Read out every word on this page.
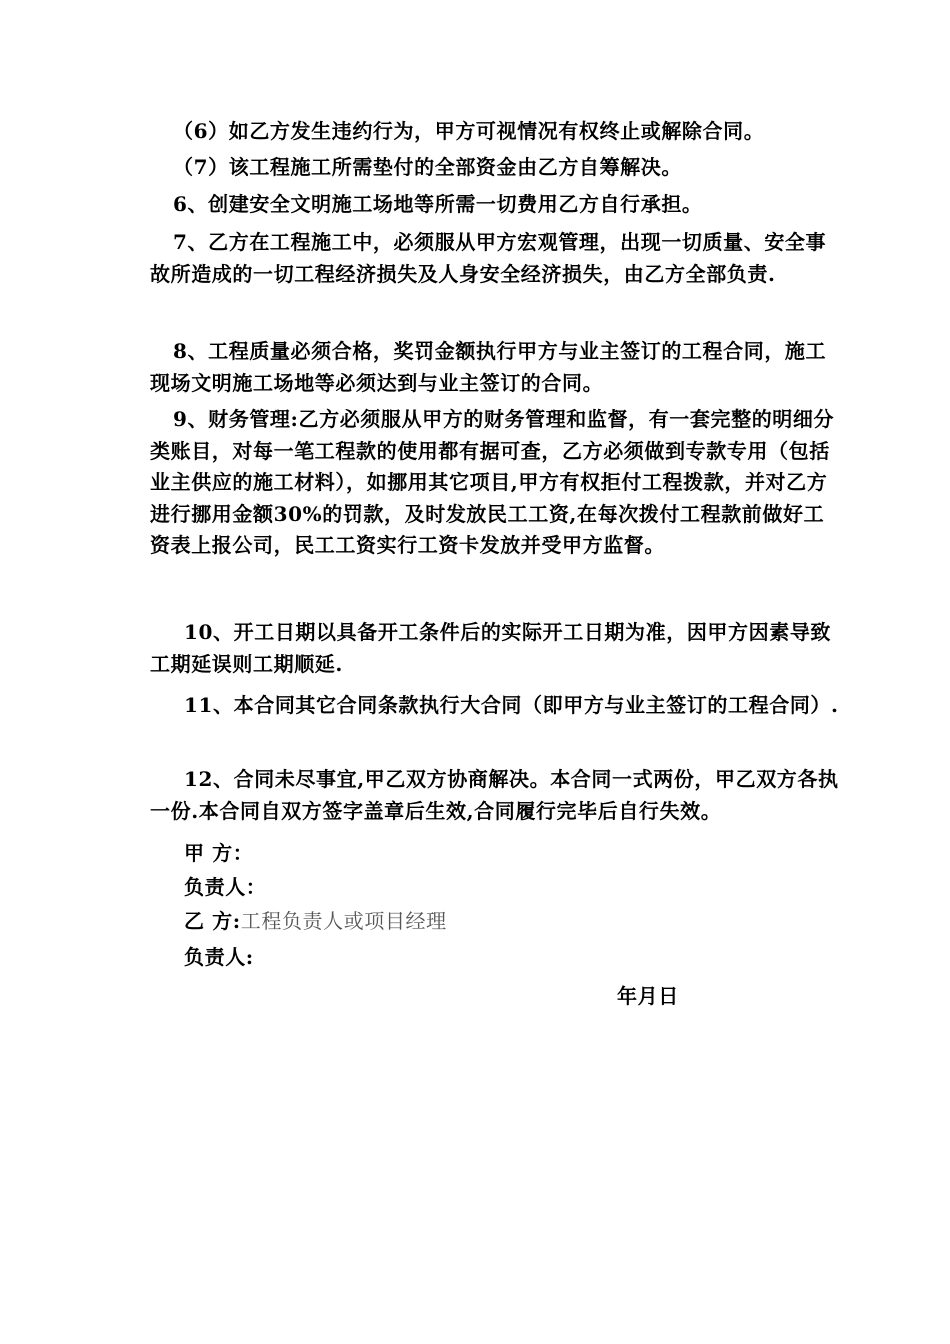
（6）如乙方发生违约行为，甲方可视情况有权终止或解除合同。
（7）该工程施工所需垫付的全部资金由乙方自筹解决。
6、创建安全文明施工场地等所需一切费用乙方自行承担。
7、乙方在工程施工中，必须服从甲方宏观管理，出现一切质量、安全事故所造成的一切工程经济损失及人身安全经济损失，由乙方全部负责.
8、工程质量必须合格，奖罚金额执行甲方与业主签订的工程合同，施工现场文明施工场地等必须达到与业主签订的合同。
9、财务管理:乙方必须服从甲方的财务管理和监督，有一套完整的明细分类账目，对每一笔工程款的使用都有据可查，乙方必须做到专款专用（包括业主供应的施工材料），如挪用其它项目,甲方有权拒付工程拨款，并对乙方进行挪用金额30%的罚款，及时发放民工工资,在每次拨付工程款前做好工资表上报公司，民工工资实行工资卡发放并受甲方监督。
10、开工日期以具备开工条件后的实际开工日期为准，因甲方因素导致工期延误则工期顺延.
11、本合同其它合同条款执行大合同（即甲方与业主签订的工程合同）.
12、合同未尽事宜,甲乙双方协商解决。本合同一式两份，甲乙双方各执一份.本合同自双方签字盖章后生效,合同履行完毕后自行失效。
甲 方：
负责人：
乙 方:工程负责人或项目经理
负责人:
年月日
